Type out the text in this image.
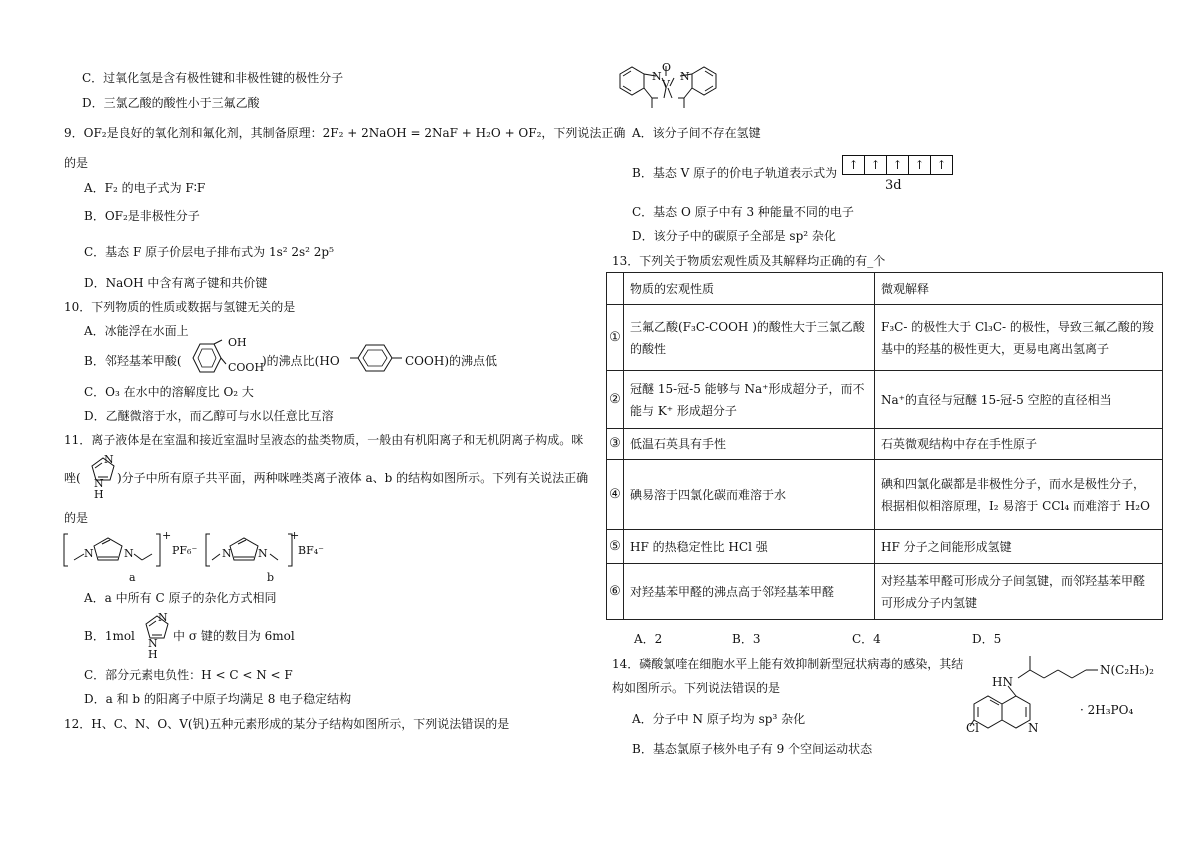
C．过氧化氢是含有极性键和非极性键的极性分子
D．三氯乙酸的酸性小于三氟乙酸
9．OF₂是良好的氧化剂和氟化剂，其制备原理：2F₂ + 2NaOH = 2NaF + H₂O + OF₂，下列说法正确
的是
A．F₂ 的电子式为 F∶F
B．OF₂是非极性分子
C．基态 F 原子价层电子排布式为 1s² 2s² 2p⁵
D．NaOH 中含有离子键和共价键
10．下列物质的性质或数据与氢键无关的是
A．冰能浮在水面上
B．邻羟基苯甲酸(
OH
COOH
)的沸点比(HO	COOH)的沸点低
C．O₃ 在水中的溶解度比 O₂ 大
D．乙醚微溶于水，而乙醇可与水以任意比互溶
11．离子液体是在室温和接近室温时呈液态的盐类物质，一般由有机阳离子和无机阴离子构成。咪
唑(
N
N
H
)分子中所有原子共平面，两种咪唑类离子液体 a、b 的结构如图所示。下列有关说法正确
的是
N	N
+
PF₆⁻
a
N N
+
BF₄⁻
b
A．a 中所有 C 原子的杂化方式相同
B．1mol
N
N
H
中 σ 键的数目为 6mol
C．部分元素电负性：H < C < N < F
D．a 和 b 的阳离子中原子均满足 8 电子稳定结构
12．H、C、N、O、V(钒)五种元素形成的某分子结构如图所示，下列说法错误的是
N
V
N
O
A．该分子间不存在氢键
B．基态 V 原子的价电子轨道表示式为
↑ ↑ ↑ ↑ ↑
3d
C．基态 O 原子中有 3 种能量不同的电子
D．该分子中的碳原子全部是 sp² 杂化
13．下列关于物质宏观性质及其解释均正确的有_个
	物质的宏观性质	微观解释
①	三氟乙酸(F₃C-COOH )的酸性大于三氯乙酸的酸性	F₃C- 的极性大于 Cl₃C- 的极性，导致三氟乙酸的羧基中的羟基的极性更大，更易电离出氢离子
②	冠醚 15-冠-5 能够与 Na⁺形成超分子，而不能与 K⁺ 形成超分子	Na⁺的直径与冠醚 15-冠-5 空腔的直径相当
③	低温石英具有手性	石英微观结构中存在手性原子
④	碘易溶于四氯化碳而难溶于水	碘和四氯化碳都是非极性分子，而水是极性分子，根据相似相溶原理，I₂ 易溶于 CCl₄ 而难溶于 H₂O
⑤	HF 的热稳定性比 HCl 强	HF 分子之间能形成氢键
⑥	对羟基苯甲醛的沸点高于邻羟基苯甲醛	对羟基苯甲醛可形成分子间氢键，而邻羟基苯甲醛可形成分子内氢键
A．2	B．3	C．4	D．5
14．磷酸氯喹在细胞水平上能有效抑制新型冠状病毒的感染，其结
构如图所示。下列说法错误的是
N(C₂H₅)₂
HN
Cl	N
· 2H₃PO₄
A．分子中 N 原子均为 sp³ 杂化
B．基态氯原子核外电子有 9 个空间运动状态
